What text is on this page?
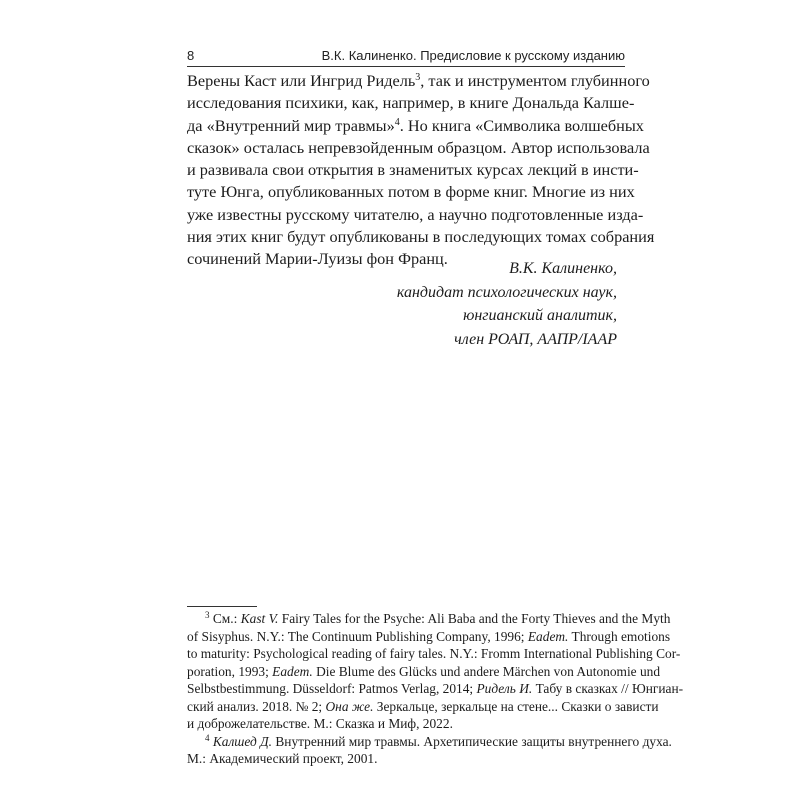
8	В.К. Калиненко. Предисловие к русскому изданию
Верены Каст или Ингрид Ридель$^3$, так и инструментом глубинного
исследования психики, как, например, в книге Дональда Калше-
да «Внутренний мир травмы»$^4$. Но книга «Символика волшебных
сказок» осталась непревзойденным образцом. Автор использовала
и развивала свои открытия в знаменитых курсах лекций в инсти-
туте Юнга, опубликованных потом в форме книг. Многие из них
уже известны русскому читателю, а научно подготовленные изда-
ния этих книг будут опубликованы в последующих томах собрания
сочинений Марии-Луизы фон Франц.
В.К. Калиненко,
кандидат психологических наук,
юнгианский аналитик,
член РОАП, ААПР/IAAP
$^3$ См.: Kast V. Fairy Tales for the Psyche: Ali Baba and the Forty Thieves and the Myth
of Sisyphus. N.Y.: The Continuum Publishing Company, 1996; Eadem. Through emotions
to maturity: Psychological reading of fairy tales. N.Y.: Fromm International Publishing Cor-
poration, 1993; Eadem. Die Blume des Glücks und andere Märchen von Autonomie und
Selbstbestimmung. Düsseldorf: Patmos Verlag, 2014; Ридель И. Табу в сказках // Юнгиан-
ский анализ. 2018. № 2; Она же. Зеркальце, зеркальце на стене... Сказки о зависти
и доброжелательстве. М.: Сказка и Миф, 2022.
$^4$ Калшед Д. Внутренний мир травмы. Архетипические защиты внутреннего духа.
М.: Академический проект, 2001.
